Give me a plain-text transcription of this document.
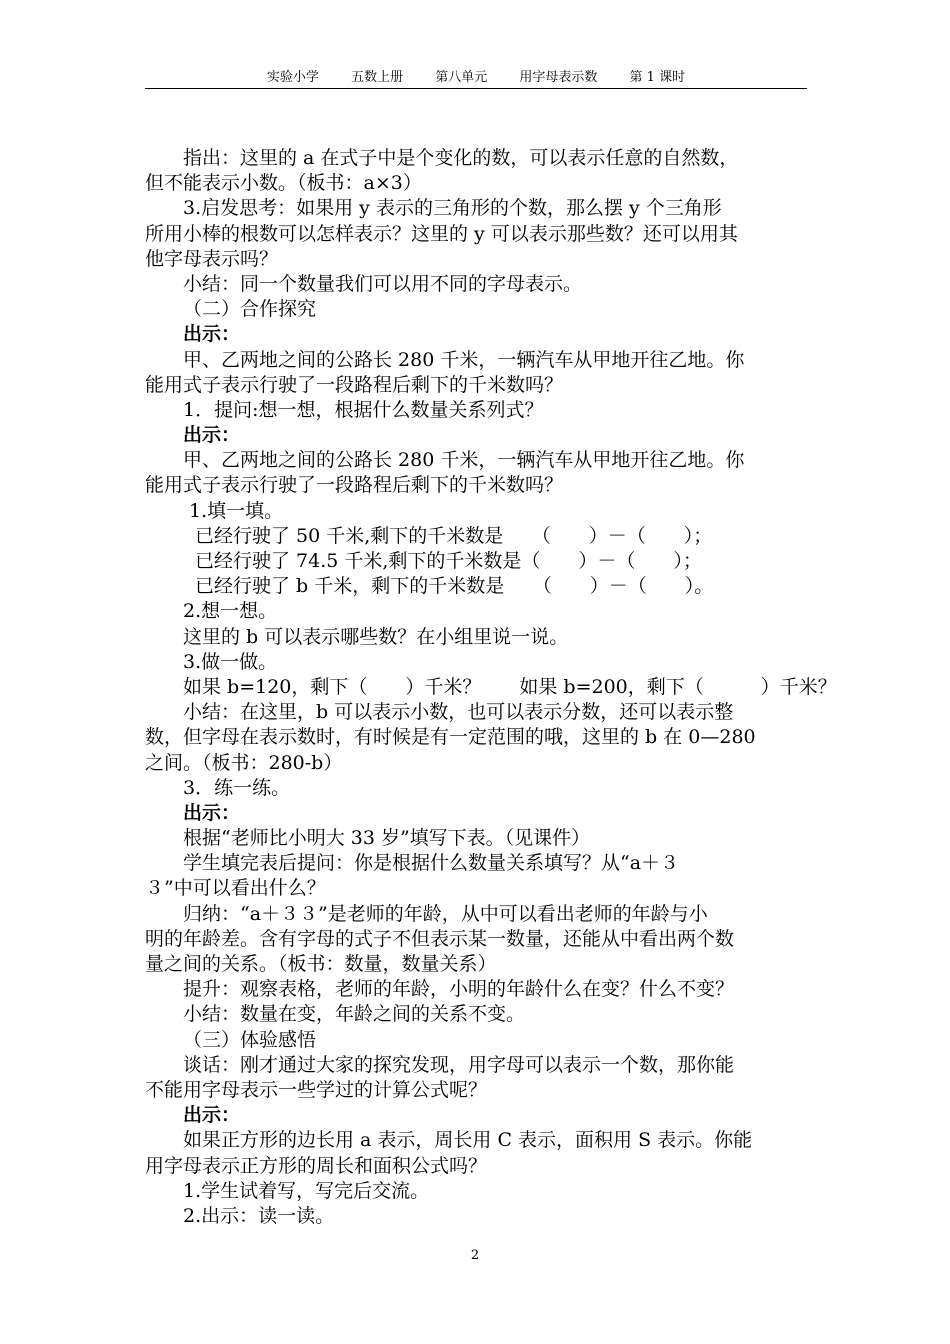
实验小学 五数上册 第八单元 用字母表示数 第 1 课时
指出：这里的 a 在式子中是个变化的数，可以表示任意的自然数，
但不能表示小数。（板书：a×3）
3.启发思考：如果用 y 表示的三角形的个数，那么摆 y 个三角形
所用小棒的根数可以怎样表示？这里的 y 可以表示那些数？还可以用其
他字母表示吗？
小结：同一个数量我们可以用不同的字母表示。
（二）合作探究
出示：
甲、乙两地之间的公路长 280 千米，一辆汽车从甲地开往乙地。你
能用式子表示行驶了一段路程后剩下的千米数吗？
1．提问:想一想，根据什么数量关系列式？
出示：
甲、乙两地之间的公路长 280 千米，一辆汽车从甲地开往乙地。你
能用式子表示行驶了一段路程后剩下的千米数吗？
1.填一填。
已经行驶了 50 千米,剩下的千米数是　　（　　）－（　　）；
已经行驶了 74.5 千米,剩下的千米数是（　　）－（　　）；
已经行驶了 b 千米，剩下的千米数是　　（　　）－（　　）。
2.想一想。
这里的 b 可以表示哪些数？在小组里说一说。
3.做一做。
如果 b=120，剩下（　　）千米？　　如果 b=200，剩下（　　　）千米？
小结：在这里，b 可以表示小数，也可以表示分数，还可以表示整
数，但字母在表示数时，有时候是有一定范围的哦，这里的 b 在 0—280
之间。（板书：280-b）
3．练一练。
出示：
根据“老师比小明大 33 岁”填写下表。（见课件）
学生填完表后提问：你是根据什么数量关系填写？从“a＋３
３”中可以看出什么？
归纳：“a＋３３”是老师的年龄，从中可以看出老师的年龄与小
明的年龄差。含有字母的式子不但表示某一数量，还能从中看出两个数
量之间的关系。（板书：数量，数量关系）
提升：观察表格，老师的年龄，小明的年龄什么在变？什么不变？
小结：数量在变，年龄之间的关系不变。
（三）体验感悟
谈话：刚才通过大家的探究发现，用字母可以表示一个数，那你能
不能用字母表示一些学过的计算公式呢？
出示：
如果正方形的边长用 a 表示，周长用 C 表示，面积用 S 表示。你能
用字母表示正方形的周长和面积公式吗？
1.学生试着写，写完后交流。
2.出示：读一读。
2
